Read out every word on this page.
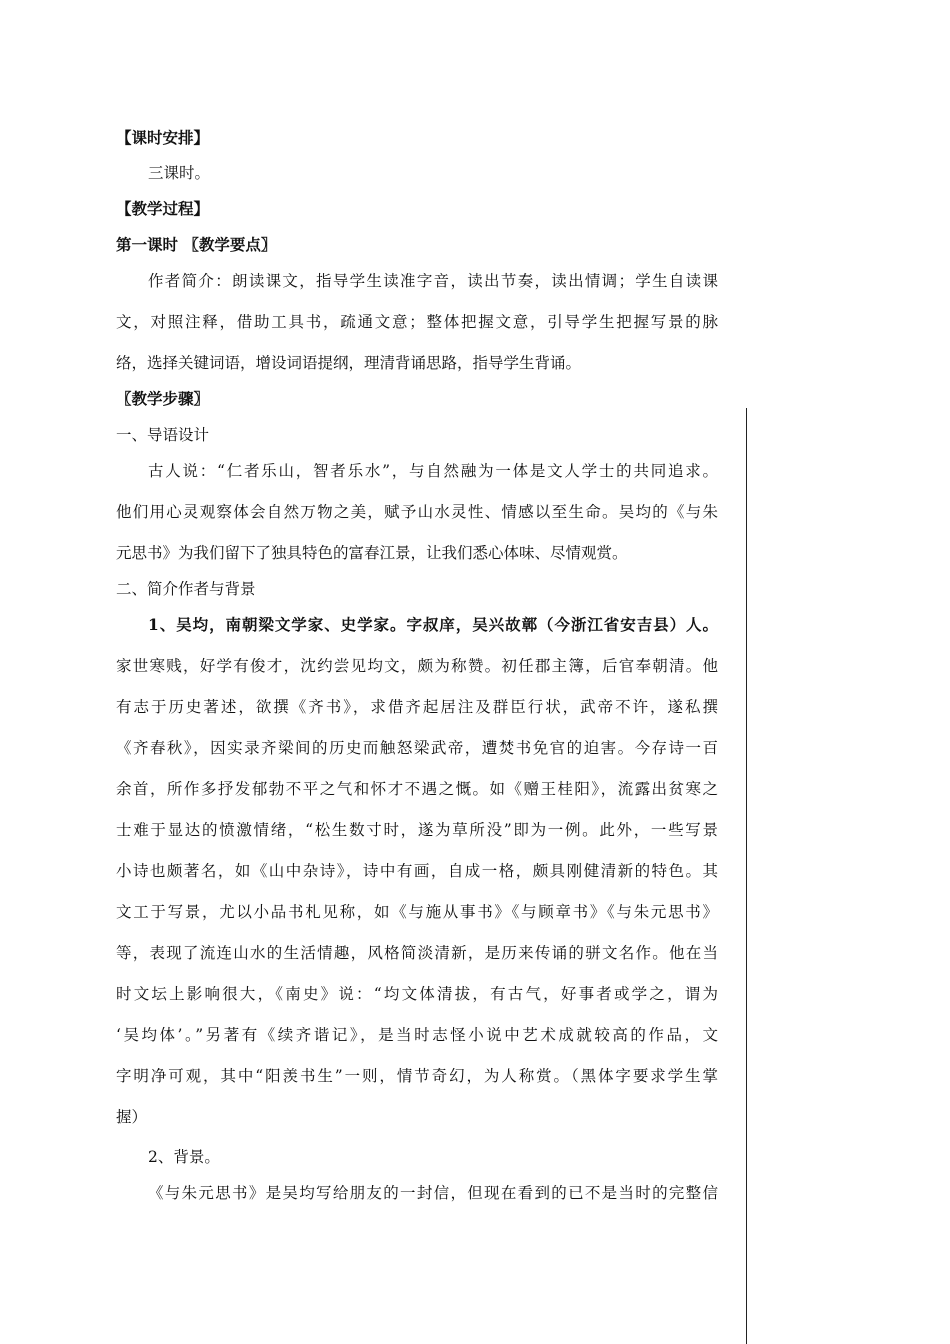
【课时安排】
三课时。
【教学过程】
第一课时 〖教学要点〗
作者简介：朗读课文，指导学生读准字音，读出节奏，读出情调；学生自读课
文，对照注释，借助工具书，疏通文意；整体把握文意，引导学生把握写景的脉
络，选择关键词语，增设词语提纲，理清背诵思路，指导学生背诵。
〖教学步骤〗
一、导语设计
古人说：“仁者乐山，智者乐水”，与自然融为一体是文人学士的共同追求。
他们用心灵观察体会自然万物之美，赋予山水灵性、情感以至生命。吴均的《与朱
元思书》为我们留下了独具特色的富春江景，让我们悉心体味、尽情观赏。
二、简介作者与背景
1、吴均，南朝梁文学家、史学家。字叔庠，吴兴故鄣（今浙江省安吉县）人。
家世寒贱，好学有俊才，沈约尝见均文，颇为称赞。初任郡主簿，后官奉朝清。他
有志于历史著述，欲撰《齐书》，求借齐起居注及群臣行状，武帝不许，遂私撰
《齐春秋》，因实录齐梁间的历史而触怒梁武帝，遭焚书免官的迫害。今存诗一百
余首，所作多抒发郁勃不平之气和怀才不遇之慨。如《赠王桂阳》，流露出贫寒之
士难于显达的愤激情绪，“松生数寸时，遂为草所没”即为一例。此外，一些写景
小诗也颇著名，如《山中杂诗》，诗中有画，自成一格，颇具刚健清新的特色。其
文工于写景，尤以小品书札见称，如《与施从事书》《与顾章书》《与朱元思书》
等，表现了流连山水的生活情趣，风格简淡清新，是历来传诵的骈文名作。他在当
时文坛上影响很大，《南史》说：“均文体清拔，有古气，好事者或学之，谓为
‘吴均体’。”另著有《续齐谐记》，是当时志怪小说中艺术成就较高的作品，文
字明净可观，其中“阳羡书生”一则，情节奇幻，为人称赏。（黑体字要求学生掌
握）
2、背景。
《与朱元思书》是吴均写给朋友的一封信，但现在看到的已不是当时的完整信
